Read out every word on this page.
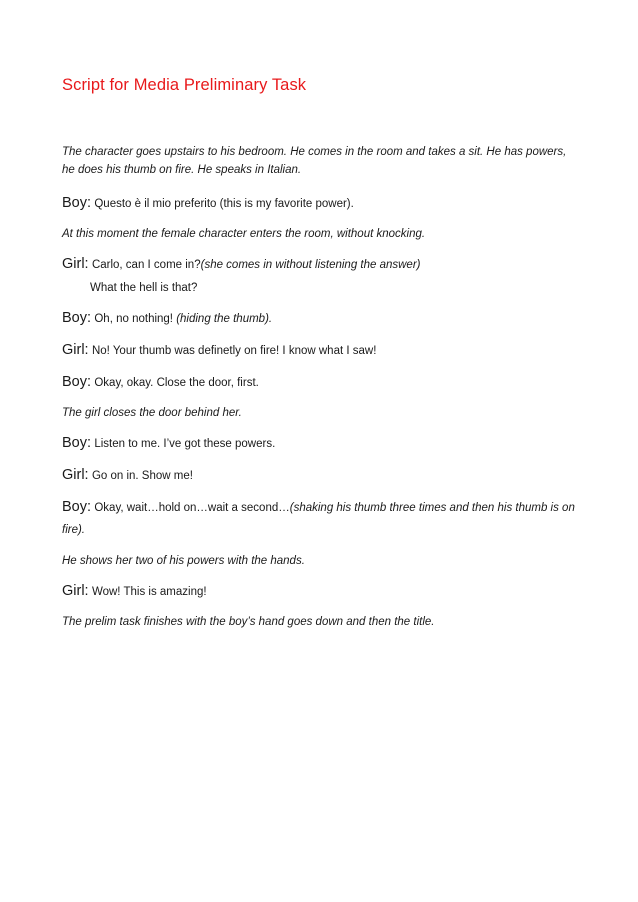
Script for Media Preliminary Task

The character goes upstairs to his bedroom. He comes in the room and takes a sit. He has powers, he does his thumb on fire. He speaks in Italian.

Boy: Questo è il mio preferito (this is my favorite power).

At this moment the female character enters the room, without knocking.

Girl: Carlo, can I come in?(she comes in without listening the answer)

What the hell is that?

Boy: Oh, no nothing! (hiding the thumb).

Girl: No! Your thumb was definetly on fire! I know what I saw!

Boy: Okay, okay. Close the door, first.

The girl closes the door behind her.

Boy: Listen to me. I’ve got these powers.

Girl: Go on in. Show me!

Boy: Okay, wait…hold on…wait a second…(shaking his thumb three times and then his thumb is on fire).

He shows her two of his powers with the hands.

Girl: Wow! This is amazing!

The prelim task finishes with the boy’s hand goes down and then the title.
